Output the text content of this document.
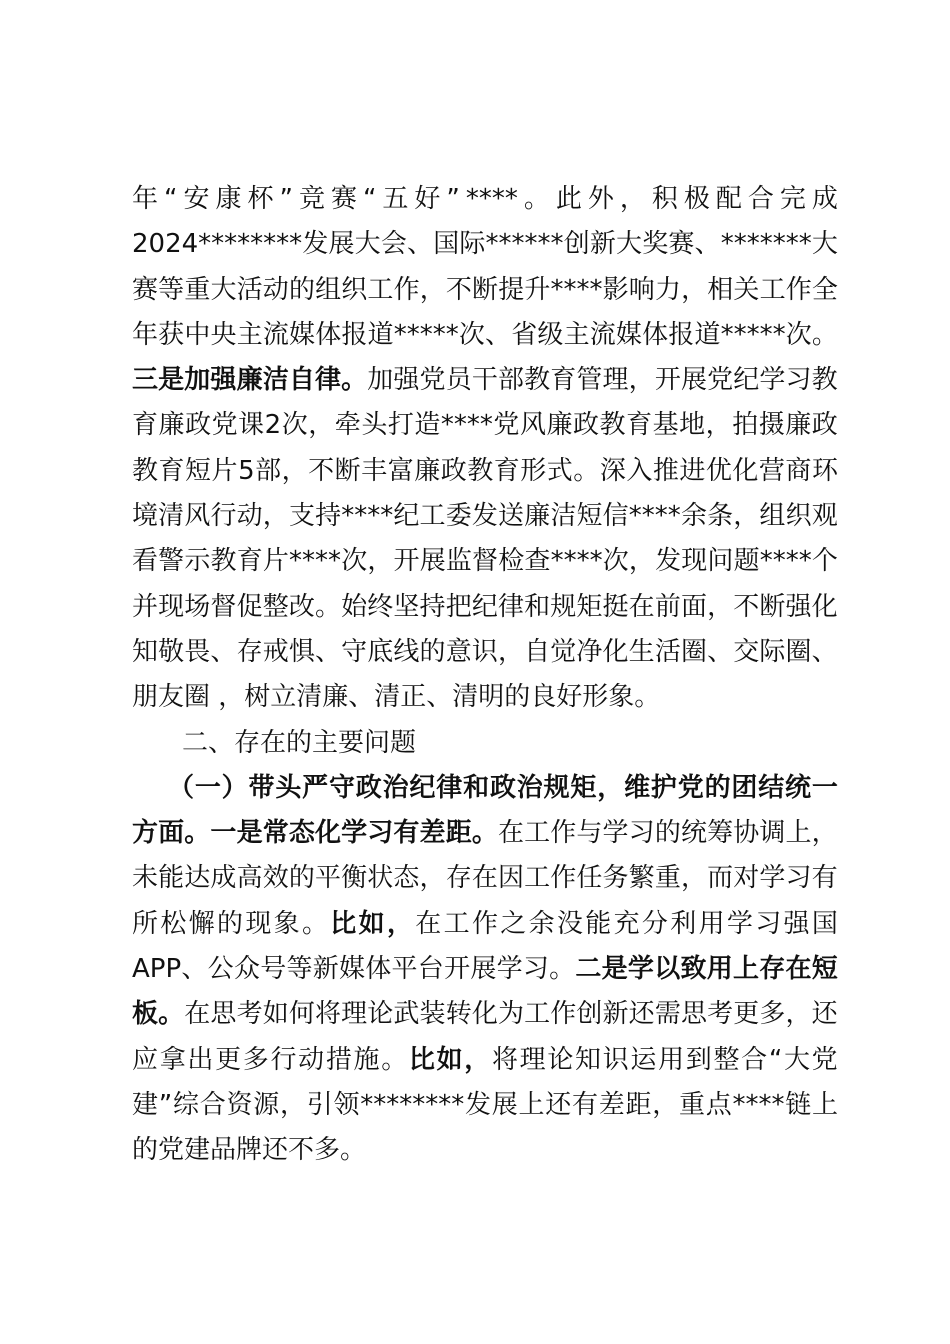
年 “ 安 康 杯 ” 竞 赛 “ 五 好 ” **** 。 此 外 ， 积 极 配 合 完 成
2024******** 发 展 大 会 、 国 际 ****** 创 新 大 奖 赛 、 ******* 大
赛 等 重 大 活 动 的 组 织 工 作 ， 不 断 提 升 **** 影 响 力 ， 相 关 工 作 全
年 获 中 央 主 流 媒 体 报 道 ***** 次 、 省 级 主 流 媒 体 报 道 ***** 次 。
三 是 加 强 廉 洁 自 律 。 加 强 党 员 干 部 教 育 管 理 ， 开 展 党 纪 学 习 教
育 廉 政 党 课 2 次 ， 牵 头 打 造 **** 党 风 廉 政 教 育 基 地 ， 拍 摄 廉 政
教 育 短 片 5 部 ， 不 断 丰 富 廉 政 教 育 形 式 。 深 入 推 进 优 化 营 商 环
境 清 风 行 动 ， 支 持 **** 纪 工 委 发 送 廉 洁 短 信 **** 余 条 ， 组 织 观
看 警 示 教 育 片 **** 次 ， 开 展 监 督 检 查 **** 次 ， 发 现 问 题 **** 个
并 现 场 督 促 整 改 。 始 终 坚 持 把 纪 律 和 规 矩 挺 在 前 面 ， 不 断 强 化
知 敬 畏 、 存 戒 惧 、 守 底 线 的 意 识 ， 自 觉 净 化 生 活 圈 、 交 际 圈 、
朋友圈 ，树立清廉、清正、清明的良好形象。
二、存在的主要问题
（ 一 ） 带 头 严 守 政 治 纪 律 和 政 治 规 矩 ， 维 护 党 的 团 结 统 一
方 面 。 一 是 常 态 化 学 习 有 差 距 。 在 工 作 与 学 习 的 统 筹 协 调 上 ，
未 能 达 成 高 效 的 平 衡 状 态 ， 存 在 因 工 作 任 务 繁 重 ， 而 对 学 习 有
所 松 懈 的 现 象 。 比 如 ， 在 工 作 之 余 没 能 充 分 利 用 学 习 强 国
APP 、 公 众 号 等 新 媒 体 平 台 开 展 学 习 。 二 是 学 以 致 用 上 存 在 短
板 。 在 思 考 如 何 将 理 论 武 装 转 化 为 工 作 创 新 还 需 思 考 更 多 ， 还
应 拿 出 更 多 行 动 措 施 。 比 如 ， 将 理 论 知 识 运 用 到 整 合 “ 大 党
建 ” 综 合 资 源 ， 引 领 ******** 发 展 上 还 有 差 距 ， 重 点 **** 链 上
的党建品牌还不多。
